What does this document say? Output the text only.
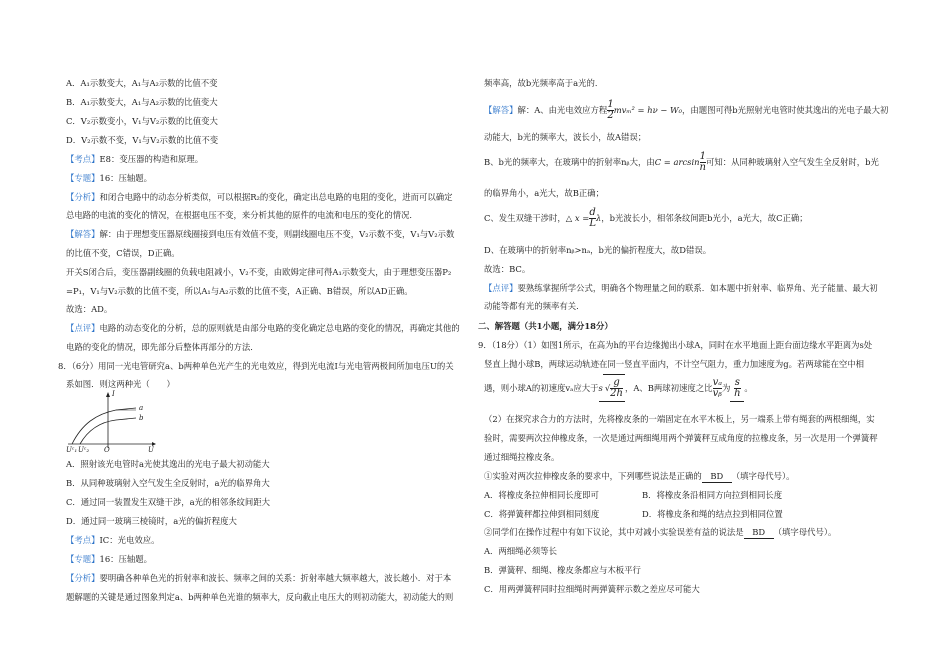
A．A₁示数变大，A₁与A₂示数的比值不变
B．A₁示数变大，A₁与A₂示数的比值变大
C．V₂示数变小，V₁与V₂示数的比值变大
D．V₂示数不变，V₁与V₂示数的比值不变
【考点】E8：变压器的构造和原理。
【专题】16：压轴题。
【分析】和闭合电路中的动态分析类似，可以根据R₂的变化，确定出总电路的电阻的变化，进而可以确定
总电路的电流的变化的情况，在根据电压不变，来分析其他的原件的电流和电压的变化的情况．
【解答】解：由于理想变压器原线圈接到电压有效值不变，则副线圈电压不变，V₂示数不变，V₁与V₂示数
的比值不变，C错误，D正确。
开关S闭合后，变压器副线圈的负载电阻减小，V₂不变，由欧姆定律可得A₁示数变大，由于理想变压器P₂
=P₁，V₁与V₂示数的比值不变，所以A₁与A₂示数的比值不变，A正确、B错误，所以AD正确。
故选：AD。
【点评】电路的动态变化的分析，总的原则就是由部分电路的变化确定总电路的变化的情况，再确定其他的
电路的变化的情况，即先部分后整体再部分的方法．
8．（6分）用同一光电管研究a、b两种单色光产生的光电效应，得到光电流I与光电管两极间所加电压U的关
系如图．则这两种光（　　）
I
a
b
O	U
Uᶜ₁ Uᶜ₂
A．照射该光电管时a光使其逸出的光电子最大初动能大
B．从同种玻璃射入空气发生全反射时，a光的临界角大
C．通过同一装置发生双缝干涉，a光的相邻条纹间距大
D．通过同一玻璃三棱镜时，a光的偏折程度大
【考点】IC：光电效应。
【专题】16：压轴题。
【分析】要明确各种单色光的折射率和波长、频率之间的关系：折射率越大频率越大，波长越小．对于本
题解题的关键是通过图象判定a、b两种单色光谁的频率大，反向截止电压大的则初动能大，初动能大的则
频率高，故b光频率高于a光的．
【解答】解：A、由光电效应方程 $\frac{1}{2} mv_m^2 = h\nu - W_0$，由题图可得b光照射光电管时使其逸出的光电子最大初
动能大，b光的频率大，波长小，故A错误；
B、b光的频率大，在玻璃中的折射率nᵦ大，由$C = \arcsin \frac{1}{n}$ 可知：从同种玻璃射入空气发生全反射时，b光
的临界角小，a光大，故B正确；
C、发生双缝干涉时，△ $x = \frac{d}{L}$ λ，b光波长小，相邻条纹间距b光小，a光大，故C正确；
D、在玻璃中的折射率nᵦ>nₐ，b光的偏折程度大，故D错误。
故选：BC。
【点评】要熟练掌握所学公式，明确各个物理量之间的联系．如本题中折射率、临界角、光子能量、最大初
动能等都有光的频率有关．
二、解答题（共1小题，满分18分）
9．（18分）（1）如图1所示，在高为h的平台边缘抛出小球A，同时在水平地面上距台面边缘水平距离为s处
竖直上抛小球B，两球运动轨迹在同一竖直平面内，不计空气阻力，重力加速度为g。若两球能在空中相
遇，则小球A的初速度vₐ应大于s √ $\frac{g}{2h}$ ，A、B两球初速度之比 $\frac{\text{vₐ}}{\text{vᵦ}}$ 为 $\frac{s}{h}$ 。
（2）在探究求合力的方法时，先将橡皮条的一端固定在水平木板上，另一端系上带有绳套的两根细绳，实
验时，需要两次拉伸橡皮条，一次是通过两细绳用两个弹簧秤互成角度的拉橡皮条，另一次是用一个弹簧秤
通过细绳拉橡皮条。
①实验对两次拉伸橡皮条的要求中，下列哪些说法是正确的 BD （填字母代号）。
A．将橡皮条拉伸相同长度即可	B．将橡皮条沿相同方向拉到相同长度
C．将弹簧秤都拉伸到相同刻度	D．将橡皮条和绳的结点拉到相同位置
②同学们在操作过程中有如下议论，其中对减小实验误差有益的说法是 BD （填字母代号）。
A．两细绳必须等长
B．弹簧秤、细绳、橡皮条都应与木板平行
C．用两弹簧秤同时拉细绳时两弹簧秤示数之差应尽可能大
